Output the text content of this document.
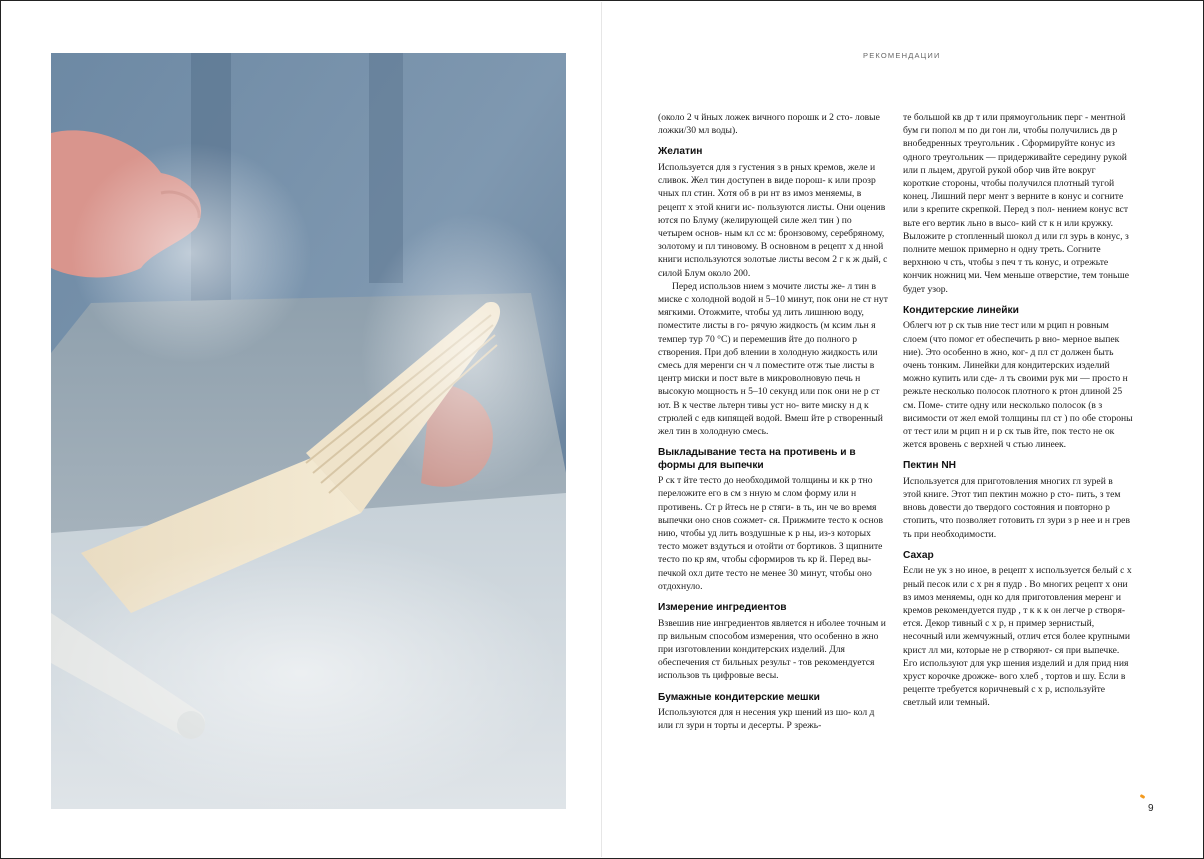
РЕКОМЕНДАЦИИ

(около 2 ч йных ложек вичного порошк и 2 сто- ловые ложки/30 мл воды).

Желатин

Используется для з густения з в рных кремов, желе и сливок. Жел тин доступен в виде порош- к или прозр чных пл стин. Хотя об в ри нт вз имоз меняемы, в рецепт х этой книги ис- пользуются листы. Они оценив ются по Блуму (желирующей силе жел тин ) по четырем основ- ным кл сс м: бронзовому, серебряному, золотому и пл тиновому. В основном в рецепт х д нной книги используются золотые листы весом 2 г к ж дый, с силой Блум около 200.

Перед использов нием з мочите листы же- л тин в миске с холодной водой н 5–10 минут, пок они не ст нут мягкими. Отожмите, чтобы уд лить лишнюю воду, поместите листы в го- рячую жидкость (м ксим льн я темпер тур 70 °С) и перемешив йте до полного р створения. При доб влении в холодную жидкость или смесь для меренги сн ч л поместите отж тые листы в центр миски и пост вьте в микроволновую печь н высокую мощность н 5–10 секунд или пок они не р ст ют. В к честве льтерн тивы уст но- вите миску н д к стрюлей с едв кипящей водой. Вмеш йте р створенный жел тин в холодную смесь.

Выкладывание теста на противень и в формы для выпечки

Р ск т йте тесто до необходимой толщины и кк р тно переложите его в см з нную м слом форму или н противень. Ст р йтесь не р стяги- в ть, ин че во время выпечки оно снов сожмет- ся. Прижмите тесто к основ нию, чтобы уд лить воздушные к р ны, из-з которых тесто может вздуться и отойти от бортиков. З щипните тесто по кр ям, чтобы сформиров ть кр й. Перед вы- печкой охл дите тесто не менее 30 минут, чтобы оно отдохнуло.

Измерение ингредиентов

Взвешив ние ингредиентов является н иболее точным и пр вильным способом измерения, что особенно в жно при изготовлении кондитерских изделий. Для обеспечения ст бильных результ - тов рекомендуется использов ть цифровые весы.

Бумажные кондитерские мешки

Используются для н несения укр шений из шо- кол д или гл зури н торты и десерты. Р зрежь-

те большой кв др т или прямоугольник перг - ментной бум ги попол м по ди гон ли, чтобы получились дв р внобедренных треугольник . Сформируйте конус из одного треугольник — придерживайте середину рукой или п льцем, другой рукой обор чив йте вокруг короткие стороны, чтобы получился плотный тугой конец. Лишний перг мент з верните в конус и согните или з крепите скрепкой. Перед з пол- нением конус вст вьте его вертик льно в высо- кий ст к н или кружку. Выложите р стопленный шокол д или гл зурь в конус, з полните мешок примерно н одну треть. Согните верхнюю ч сть, чтобы з печ т ть конус, и отрежьте кончик ножниц ми. Чем меньше отверстие, тем тоньше будет узор.

Кондитерские линейки

Облегч ют р ск тыв ние тест или м рцип н ровным слоем (что помог ет обеспечить р вно- мерное выпек ние). Это особенно в жно, ког- д пл ст должен быть очень тонким. Линейки для кондитерских изделий можно купить или сде- л ть своими рук ми — просто н режьте несколько полосок плотного к ртон длиной 25 см. Поме- стите одну или несколько полосок (в з висимости от жел емой толщины пл ст ) по обе стороны от тест или м рцип н и р ск тыв йте, пок тесто не ок жется вровень с верхней ч стью линеек.

Пектин NH

Используется для приготовления многих гл зурей в этой книге. Этот тип пектин можно р сто- пить, з тем вновь довести до твердого состояния и повторно р стопить, что позволяет готовить гл зури з р нее и н грев ть при необходимости.

Сахар

Если не ук з но иное, в рецепт х используется белый с х рный песок или с х рн я пудр . Во многих рецепт х они вз имоз меняемы, одн ко для приготовления меренг и кремов рекомендуется пудр , т к к к он легче р створя- ется. Декор тивный с х р, н пример зернистый, несочный или жемчужный, отлич ется более крупными крист лл ми, которые не р створяют- ся при выпечке. Его используют для укр шения изделий и для прид ния хруст корочке дрожже- вого хлеб , тортов и шу. Если в рецепте требуется коричневый с х р, используйте светлый или темный.

9
